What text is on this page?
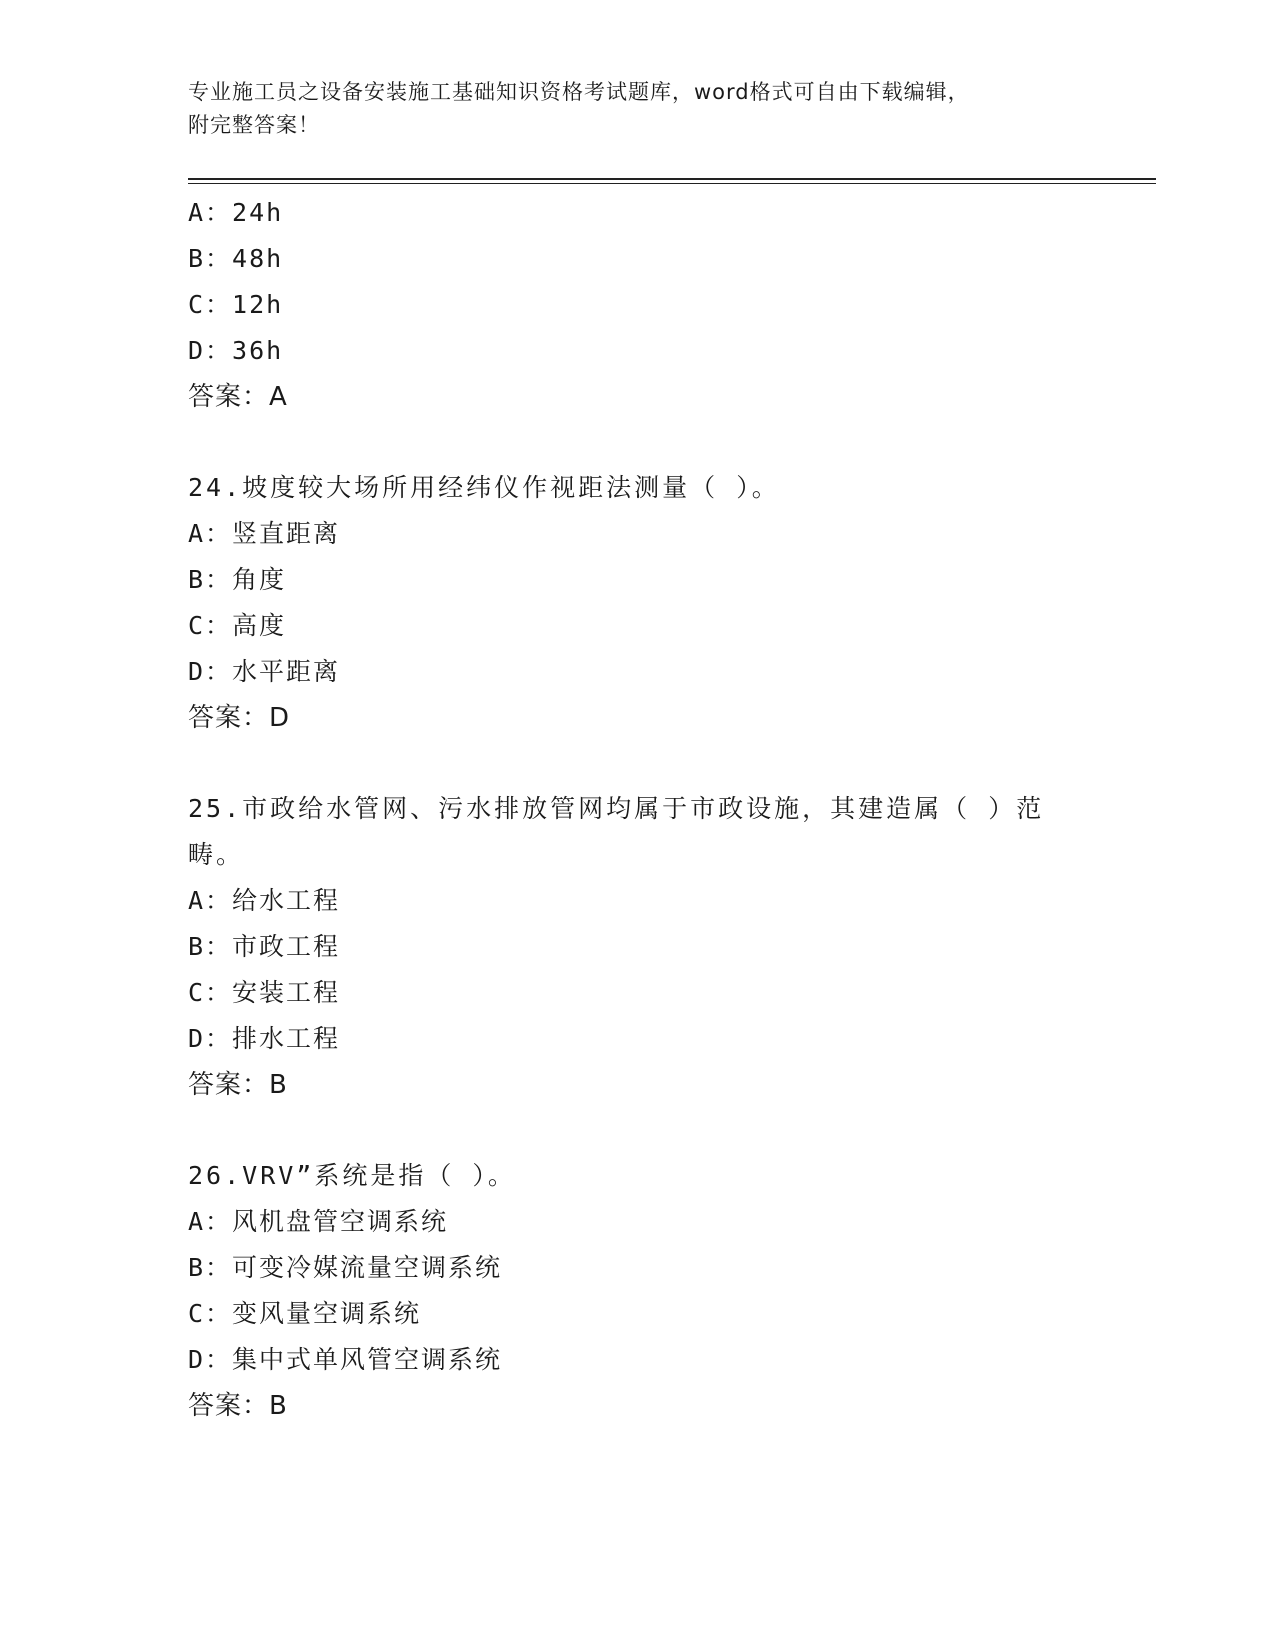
专业施工员之设备安装施工基础知识资格考试题库，word格式可自由下载编辑，
附完整答案！
A：24h
B：48h
C：12h
D：36h
答案：A
24.坡度较大场所用经纬仪作视距法测量（ ）。
A：竖直距离
B：角度
C：高度
D：水平距离
答案：D
25.市政给水管网、污水排放管网均属于市政设施，其建造属（ ）范
畴。
A：给水工程
B：市政工程
C：安装工程
D：排水工程
答案：B
26.VRV”系统是指（ ）。
A：风机盘管空调系统
B：可变冷媒流量空调系统
C：变风量空调系统
D：集中式单风管空调系统
答案：B
